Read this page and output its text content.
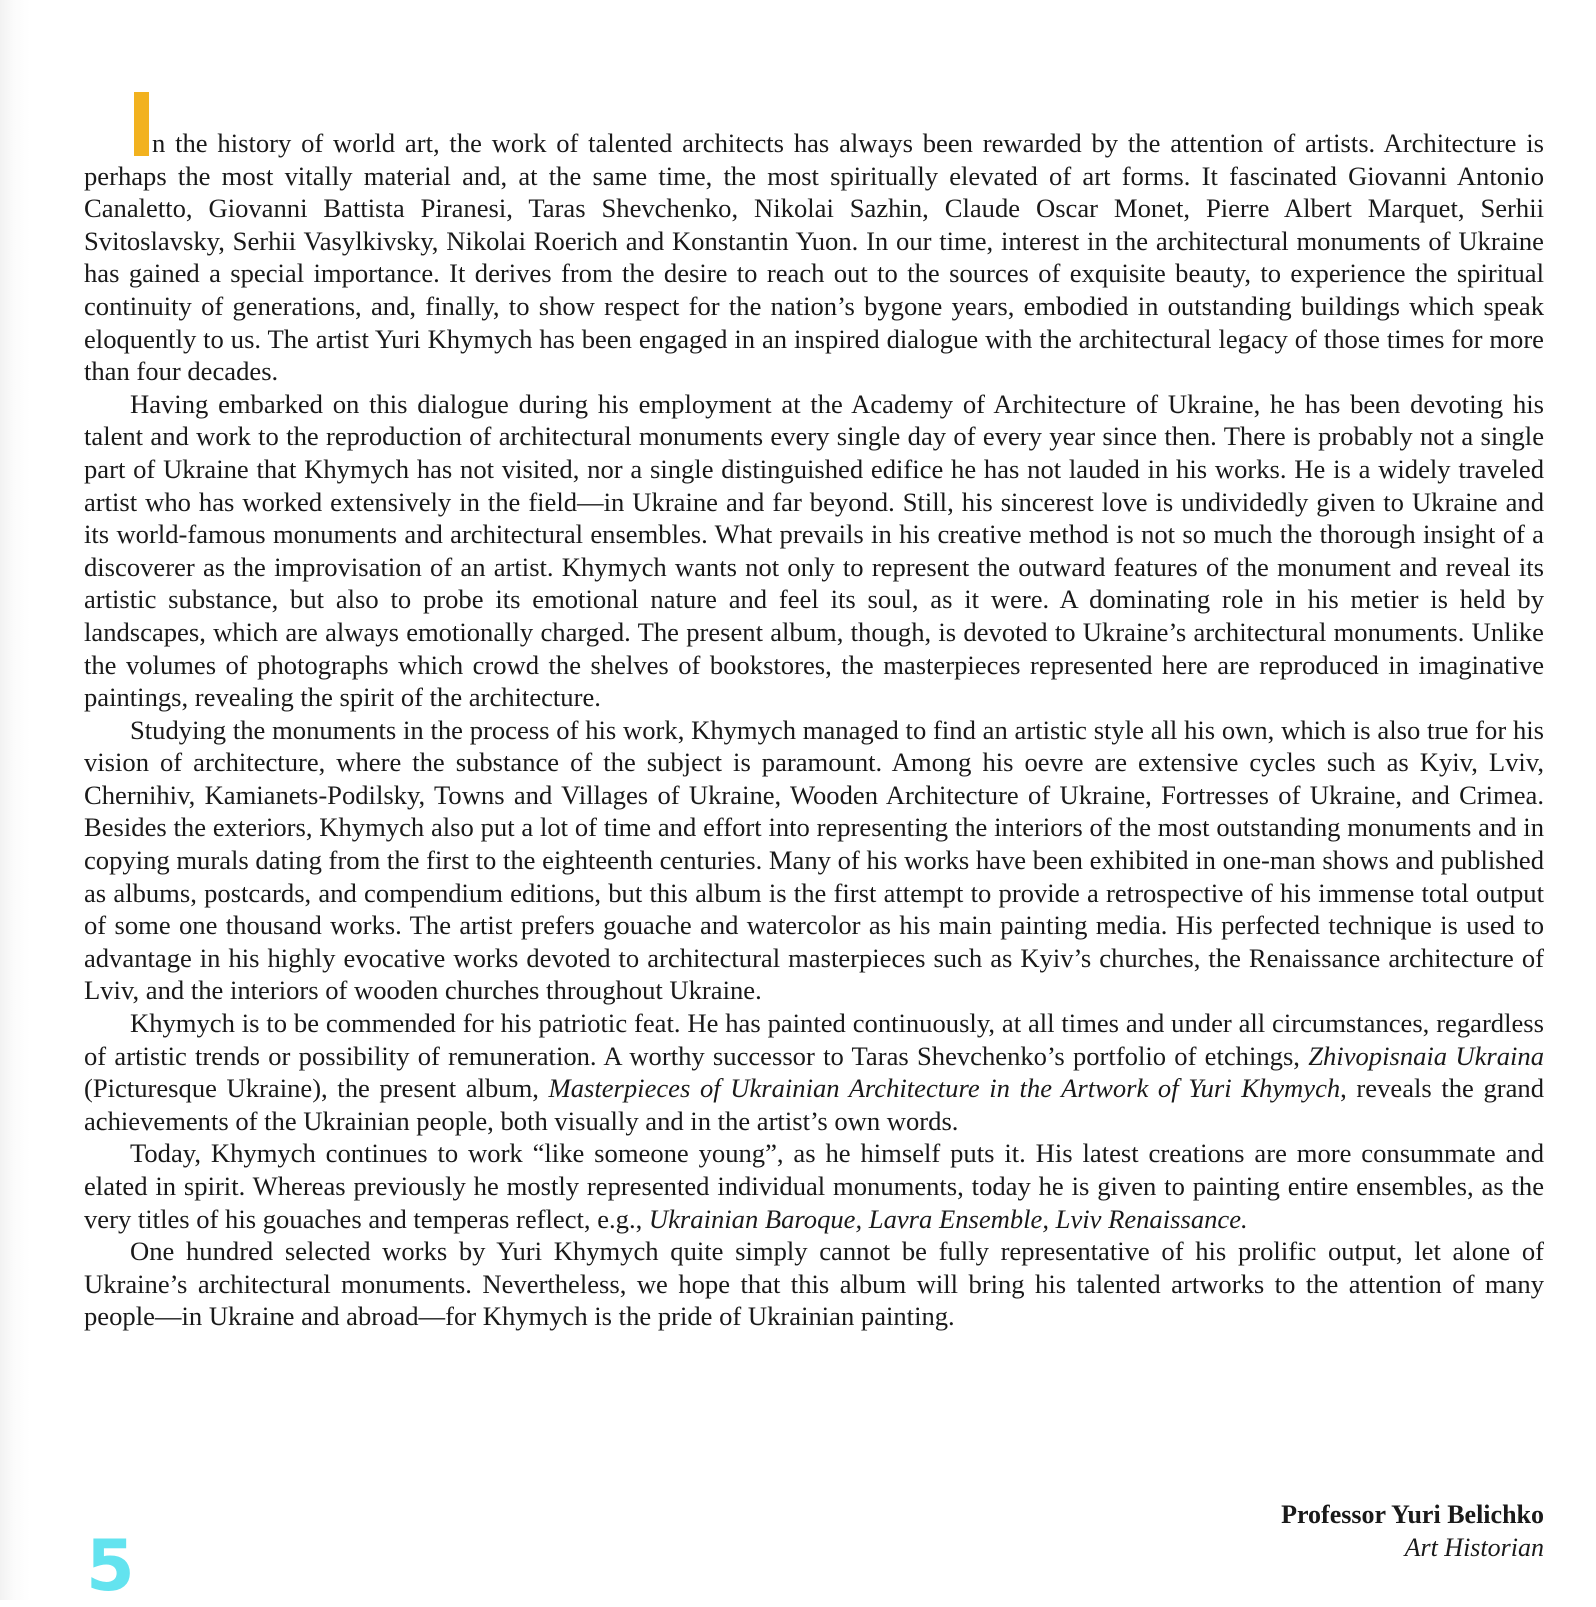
n the history of world art, the work of talented architects has always been rewarded by the attention of artists. Architecture is perhaps the most vitally material and, at the same time, the most spiritually elevated of art forms. It fascinated Giovanni Antonio Canaletto, Giovanni Battista Piranesi, Taras Shevchenko, Nikolai Sazhin, Claude Oscar Monet, Pierre Albert Marquet, Serhii Svitoslavsky, Serhii Vasylkivsky, Nikolai Roerich and Konstantin Yuon. In our time, interest in the architectural monuments of Ukraine has gained a special importance. It derives from the desire to reach out to the sources of exquisite beauty, to experience the spiritual continuity of generations, and, finally, to show respect for the nation’s bygone years, embodied in outstanding buildings which speak eloquently to us. The artist Yuri Khymych has been engaged in an inspired dialogue with the architectural legacy of those times for more than four decades.

Having embarked on this dialogue during his employment at the Academy of Architecture of Ukraine, he has been devoting his talent and work to the reproduction of architectural monuments every single day of every year since then. There is probably not a single part of Ukraine that Khymych has not visited, nor a single distinguished edifice he has not lauded in his works. He is a widely traveled artist who has worked extensively in the field—in Ukraine and far beyond. Still, his sincerest love is undividedly given to Ukraine and its world-famous monuments and architectural ensembles. What prevails in his creative method is not so much the thorough insight of a discoverer as the improvisation of an artist. Khymych wants not only to represent the outward features of the monument and reveal its artistic substance, but also to probe its emotional nature and feel its soul, as it were. A dominating role in his metier is held by landscapes, which are always emotionally charged. The present album, though, is devoted to Ukraine’s architectural monuments. Unlike the volumes of photographs which crowd the shelves of bookstores, the masterpieces represented here are reproduced in imaginative paintings, revealing the spirit of the architecture.

Studying the monuments in the process of his work, Khymych managed to find an artistic style all his own, which is also true for his vision of architecture, where the substance of the subject is paramount. Among his oevre are extensive cycles such as Kyiv, Lviv, Chernihiv, Kamianets-Podilsky, Towns and Villages of Ukraine, Wooden Architecture of Ukraine, Fortresses of Ukraine, and Crimea. Besides the exteriors, Khymych also put a lot of time and effort into representing the interiors of the most outstanding monuments and in copying murals dating from the first to the eighteenth centuries. Many of his works have been exhibited in one-man shows and published as albums, postcards, and compendium editions, but this album is the first attempt to provide a retrospective of his immense total output of some one thousand works. The artist prefers gouache and watercolor as his main painting media. His perfected technique is used to advantage in his highly evocative works devoted to architectural masterpieces such as Kyiv’s churches, the Renaissance architecture of Lviv, and the interiors of wooden churches throughout Ukraine.

Khymych is to be commended for his patriotic feat. He has painted continuously, at all times and under all circumstances, regardless of artistic trends or possibility of remuneration. A worthy successor to Taras Shevchenko’s portfolio of etchings, Zhivopisnaia Ukraina (Picturesque Ukraine), the present album, Masterpieces of Ukrainian Architecture in the Artwork of Yuri Khymych, reveals the grand achievements of the Ukrainian people, both visually and in the artist’s own words.

Today, Khymych continues to work “like someone young”, as he himself puts it. His latest creations are more consummate and elated in spirit. Whereas previously he mostly represented individual monuments, today he is given to painting entire ensembles, as the very titles of his gouaches and temperas reflect, e.g., Ukrainian Baroque, Lavra Ensemble, Lviv Renaissance.

One hundred selected works by Yuri Khymych quite simply cannot be fully representative of his prolific output, let alone of Ukraine’s architectural monuments. Nevertheless, we hope that this album will bring his talented artworks to the attention of many people—in Ukraine and abroad—for Khymych is the pride of Ukrainian painting.

Professor Yuri Belichko
Art Historian
5
